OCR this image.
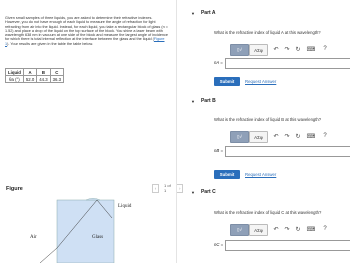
Given small samples of three liquids, you are asked to determine their refractive indexes. However, you do not have enough of each liquid to measure the angle of refraction for light refracting from air into the liquid. Instead, for each liquid, you take a rectangular block of glass (n = 1.52) and place a drop of the liquid on the top surface of the block. You shine a laser beam with wavelength 638 nm in vacuum at one side of the block and measure the largest angle of incidence for which there is total internal reflection at the interface between the glass and the liquid (Figure 1). Your results are given in the table the table below.
Liquid	A	B	C
θa (°)	52.0	44.3	36.3
Figure	‹ 1 of 1	›
Liquid
Air	Glass
▼ Part A
What is the refractive index of liquid A at this wavelength?
▯√	ΑΣφ	↶ ↷ ↻	⌨ ?
nA =
Submit	Request Answer
▼ Part B
What is the refractive index of liquid B at this wavelength?
▯√	ΑΣφ	↶ ↷ ↻	⌨ ?
nB =
Submit	Request Answer
▼ Part C
What is the refractive index of liquid C at this wavelength?
▯√	ΑΣφ	↶ ↷ ↻	⌨ ?
nC =
